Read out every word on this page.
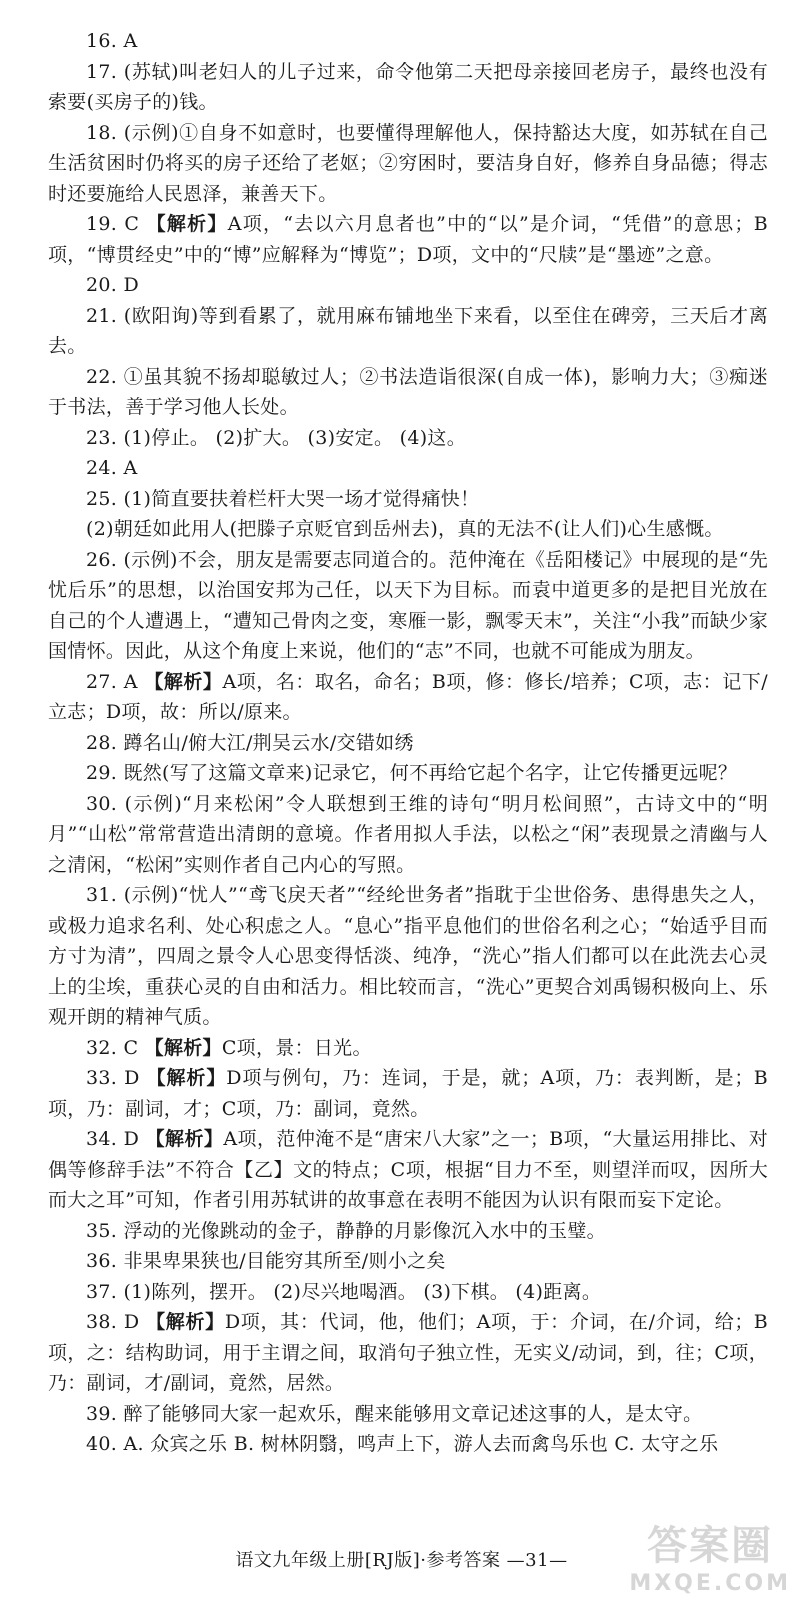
16. A

17. (苏轼)叫老妇人的儿子过来，命令他第二天把母亲接回老房子，最终也没有索要(买房子的)钱。

18. (示例)①自身不如意时，也要懂得理解他人，保持豁达大度，如苏轼在自己生活贫困时仍将买的房子还给了老妪；②穷困时，要洁身自好，修养自身品德；得志时还要施给人民恩泽，兼善天下。

19. C 【解析】A项，“去以六月息者也”中的“以”是介词，“凭借”的意思；B项，“博贯经史”中的“博”应解释为“博览”；D项，文中的“尺牍”是“墨迹”之意。

20. D

21. (欧阳询)等到看累了，就用麻布铺地坐下来看，以至住在碑旁，三天后才离去。

22. ①虽其貌不扬却聪敏过人；②书法造诣很深(自成一体)，影响力大；③痴迷于书法，善于学习他人长处。

23. (1)停止。 (2)扩大。 (3)安定。 (4)这。

24. A

25. (1)简直要扶着栏杆大哭一场才觉得痛快！

(2)朝廷如此用人(把滕子京贬官到岳州去)，真的无法不(让人们)心生感慨。

26. (示例)不会，朋友是需要志同道合的。范仲淹在《岳阳楼记》中展现的是“先忧后乐”的思想，以治国安邦为己任，以天下为目标。而袁中道更多的是把目光放在自己的个人遭遇上，“遭知己骨肉之变，寒雁一影，飘零天末”，关注“小我”而缺少家国情怀。因此，从这个角度上来说，他们的“志”不同，也就不可能成为朋友。

27. A 【解析】A项，名：取名，命名；B项，修：修长/培养；C项，志：记下/立志；D项，故：所以/原来。

28. 蹲名山/俯大江/荆吴云水/交错如绣

29. 既然(写了这篇文章来)记录它，何不再给它起个名字，让它传播更远呢？

30. (示例)“月来松闲”令人联想到王维的诗句“明月松间照”，古诗文中的“明月”“山松”常常营造出清朗的意境。作者用拟人手法，以松之“闲”表现景之清幽与人之清闲，“松闲”实则作者自己内心的写照。

31. (示例)“忧人”“鸢飞戾天者”“经纶世务者”指耽于尘世俗务、患得患失之人，或极力追求名利、处心积虑之人。“息心”指平息他们的世俗名利之心；“始适乎目而方寸为清”，四周之景令人心思变得恬淡、纯净，“洗心”指人们都可以在此洗去心灵上的尘埃，重获心灵的自由和活力。相比较而言，“洗心”更契合刘禹锡积极向上、乐观开朗的精神气质。

32. C 【解析】C项，景：日光。

33. D 【解析】D项与例句，乃：连词，于是，就；A项，乃：表判断，是；B项，乃：副词，才；C项，乃：副词，竟然。

34. D 【解析】A项，范仲淹不是“唐宋八大家”之一；B项，“大量运用排比、对偶等修辞手法”不符合【乙】文的特点；C项，根据“目力不至，则望洋而叹，因所大而大之耳”可知，作者引用苏轼讲的故事意在表明不能因为认识有限而妄下定论。

35. 浮动的光像跳动的金子，静静的月影像沉入水中的玉璧。

36. 非果卑果狭也/目能穷其所至/则小之矣

37. (1)陈列，摆开。 (2)尽兴地喝酒。 (3)下棋。 (4)距离。

38. D 【解析】D项，其：代词，他，他们；A项，于：介词，在/介词，给；B项，之：结构助词，用于主谓之间，取消句子独立性，无实义/动词，到，往；C项，乃：副词，才/副词，竟然，居然。

39. 醉了能够同大家一起欢乐，醒来能够用文章记述这事的人，是太守。

40. A. 众宾之乐 B. 树林阴翳，鸣声上下，游人去而禽鸟乐也 C. 太守之乐

语文九年级上册[RJ版]·参考答案 —31—	答案圈
MXQE.COM
